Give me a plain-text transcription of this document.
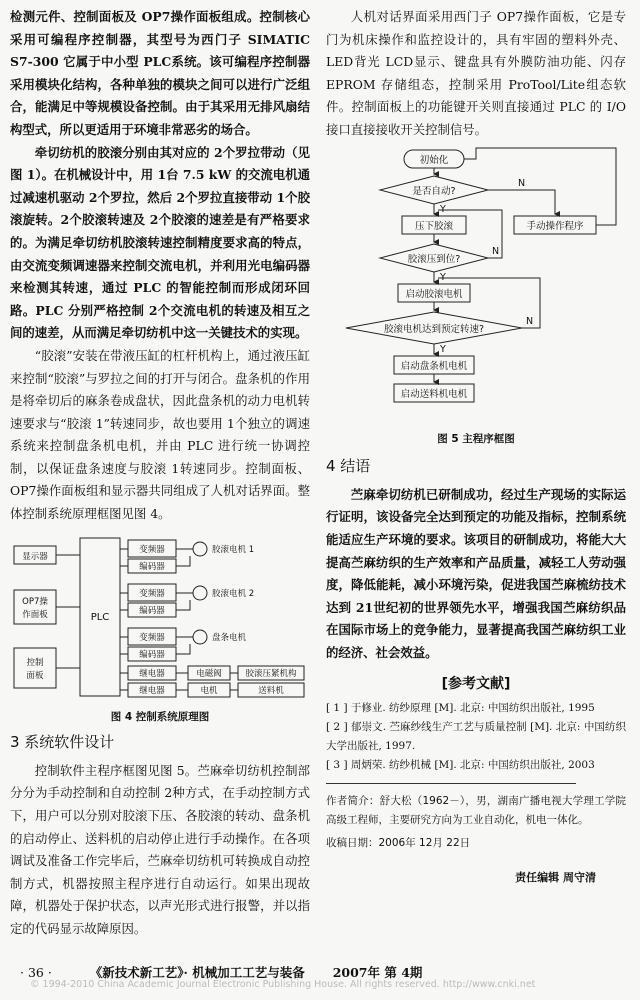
检测元件、控制面板及 OP7操作面板组成。控制核心采用可编程序控制器，其型号为西门子 SIMATIC S7-300 它属于中小型 PLC系统。该可编程序控制器采用模块化结构，各种单独的模块之间可以进行广泛组合，能满足中等规模设备控制。由于其采用无排风扇结构型式，所以更适用于环境非常恶劣的场合。

牵切纺机的胶滚分别由其对应的 2个罗拉带动（见图 1）。在机械设计中，用 1台 7.5 kW 的交流电机通过减速机驱动 2个罗拉，然后 2个罗拉直接带动 1个胶滚旋转。2个胶滚转速及 2个胶滚的速差是有严格要求的。为满足牵切纺机胶滚转速控制精度要求高的特点，由交流变频调速器来控制交流电机，并利用光电编码器来检测其转速，通过 PLC 的智能控制而形成闭环回路。PLC 分别严格控制 2个交流电机的转速及相互之间的速差，从而满足牵切纺机中这一关键技术的实现。

“胶滚”安装在带液压缸的杠杆机构上，通过液压缸来控制“胶滚”与罗拉之间的打开与闭合。盘条机的作用是将牵切后的麻条卷成盘状，因此盘条机的动力电机转速要求与“胶滚 1”转速同步，故也要用 1个独立的调速系统来控制盘条机电机，并由 PLC 进行统一协调控制，以保证盘条速度与胶滚 1转速同步。控制面板、OP7操作面板组和显示器共同组成了人机对话界面。整体控制系统原理框图见图 4。

显示器
OP7操
作面板
控制
面板
PLC
变频器
编码器
变频器
编码器
变频器
编码器
继电器
继电器
电磁阀
电机
胶滚压紧机构
送料机
胶滚电机 1
胶滚电机 2
盘条电机
图 4 控制系统原理图
3 系统软件设计

控制软件主程序框图见图 5。苎麻牵切纺机控制部分分为手动控制和自动控制 2种方式，在手动控制方式下，用户可以分别对胶滚下压、各胶滚的转动、盘条机的启动停止、送料机的启动停止进行手动操作。在各项调试及准备工作完毕后，苎麻牵切纺机可转换成自动控制方式，机器按照主程序进行自动运行。如果出现故障，机器处于保护状态，以声光形式进行报警，并以指定的代码显示故障原因。

人机对话界面采用西门子 OP7操作面板，它是专门为机床操作和监控设计的，具有牢固的塑料外壳、LED背光 LCD显示、键盘具有外膜防油功能、闪存 EPROM 存储组态，控制采用 ProTool/Lite组态软件。控制面板上的功能键开关则直接通过 PLC 的 I/O接口直接接收开关控制信号。

初始化
是否自动?
压下胶滚	手动操作程序
胶滚压到位?
启动胶滚电机
胶滚电机达到预定转速?
启动盘条机电机
启动送料机电机
Y
Y
Y
N
N
N
图 5 主程序框图
4 结语

苎麻牵切纺机已研制成功，经过生产现场的实际运行证明，该设备完全达到预定的功能及指标，控制系统能适应生产环境的要求。该项目的研制成功，将能大大提高苎麻纺织的生产效率和产品质量，减轻工人劳动强度，降低能耗，减小环境污染，促进我国苎麻梳纺技术达到 21世纪初的世界领先水平，增强我国苎麻纺织品在国际市场上的竞争能力，显著提高我国苎麻纺织工业的经济、社会效益。

[参考文献]
[ 1 ] 于修业. 纺纱原理 [M]. 北京: 中国纺织出版社, 1995
[ 2 ] 郁崇文. 苎麻纱线生产工艺与质量控制 [M]. 北京: 中国纺织大学出版社, 1997.
[ 3 ] 周炳荣. 纺纱机械 [M]. 北京: 中国纺织出版社, 2003
作者简介：舒大松（1962－），男，湖南广播电视大学理工学院高级工程师，主要研究方向为工业自动化，机电一体化。
收稿日期：2006年 12月 22日
责任编辑 周守清
· 36 ·	《新技术新工艺》· 机械加工工艺与装备 2007年 第 4期
© 1994-2010 China Academic Journal Electronic Publishing House. All rights reserved. http://www.cnki.net
